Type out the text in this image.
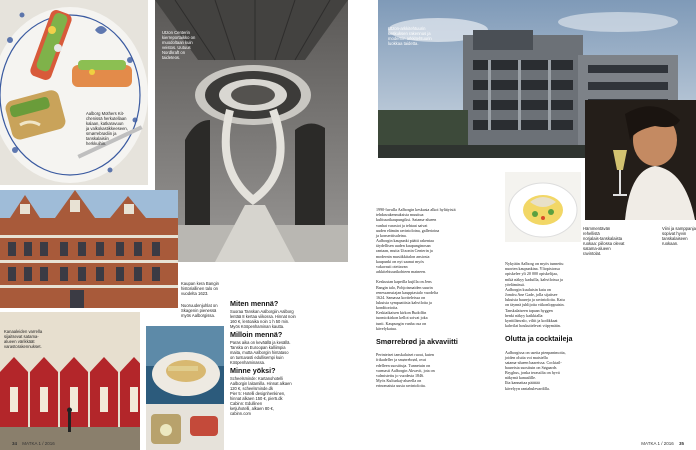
Aalborg Mothers Kit-
chenissä herkutellaan
kalaan, katkaravuun
ja valkokastikkeeseen,
smørrebrødiin ja
tanskalaisiin
herkkuihin.
Utzon Centerin
kierreportaikko on
muodoltaan kuin
veistos. Uutuus
Nordkraft on
taideteos.
Kaupan kera Bangin
historiallinen talo on
vuodelta 1623.
Nuoruudenjuhlat on
Skagenin pienessä
myös Aalborgissa.
Kanaaleiden varrella
sijaitsevat satama-
alueen värikkäät
varastorakennukset.
Miten mennä?

Suoraa Tanskan Aalborgiin Aalborg
lentää 8 kertaa viikossa. Hinnat noin
160 €, lentoaika noin 1 h 50 min.
Myös Kööpenhaminan kautta.

Milloin mennä?

Paras aika on keväällä ja kesällä.
Tanska on Euroopan kalliimpia
maita, mutta Aalborgin hintataso
on tuntuvasti edullisempi kuin
Kööpenhaminassa.

Minne yöksi?

Scheelsminde: Kartanohotelli
Aalborgin laitamilla. Hinnat alkaen
120 €, scheelsminde.dk
Pier 5: Hotelli designhenkinen,
hinnat alkaen 150 €, pier5.dk
Cabinn: Edullinen
ketjuhotelli, alkaen 80 €,
cabinn.com

34 MATKA 1 / 2016
Utzon-arkkitehtuurin
keskuksen rakennus ja
modernin arkkitehtuurin
luokkaa taidetta.
Hämmentävän rehellistä
norjalais-tanskalaista
ruokaa: piilossa olevat
satama-alueen
ravintolat.
Viini ja samppanja
sopivat hyvin
tanskalaiseen
ruokaan.

1990-luvulla Aalborgin keskusta alkoi hylätyistä
tehdasrakennuksista muuttua
kulttuurikaupungiksi. Satama-alueen
vanhat varastot ja tehtaat saivat
uuden elämän ravintoloina, gallerioina
ja konserttisaleina.
Aalborgin kaupunki päätti rakentaa
täydellisen uuden kaupunginosan
rantaan, mutta Utzonin Centerin ja
modernin musiikkitalon ansiosta
kaupunki on nyt saanut myös
vakavasti otettavan
arkkitehtuurikohteen maineen.

Keskustan kapeilla kujilla on Jens
Bangin talo, Pohjoismaiden suurin
renessanssiajan kauppiastalo vuodelta
1624. Samassa kortteleissa on
lukuisia sympaattisia kahviloita ja
konditorioita.
Keskiaikaisen kirkon Budolfin
tuomiokirkon kellot soivat joka
tunti. Kaupungin vanha osa on
kävelykatua.

Smørrebrød ja akvaviitti

Perinteiset tanskalaiset ruoat, kuten
frikadeller ja smørrebrød, ovat
edelleen suosittuja. Tunnetuin on
varmasti Aalborgin Akvavit, jota on
valmistettu jo vuodesta 1846.
Myös Kulturkaj-alueella on
erinomaisia uusia ravintoloita.

Nykyään Aalborg on myös tunnettu
nuorten kaupunkina. Yliopistossa
opiskelee yli 20 000 opiskelijaa,
mikä näkyy kaduilla, kahviloissa ja
yöelämässä.
Aalborgin kuuluisin katu on
Jomfru Ane Gade, jolla sijaitsee
lukuisia baareja ja ravintoloita. Katu
on täynnä juhlijoita viikonloppuisin.
Tanskalaiseen tapaan hyggen
henki näkyy kaikkialla:
kynttilänvalo, viltit ja kodikkaat
kahvilat houkuttelevat viipymään.

Olutta ja cocktaileja

Aalborgissa on useita pienpanimoita,
joiden oluita voi maistella
satama-alueen baareissa. Cocktail-
baareista suosituin on Søgaards
Bryghus, jonka terassilta on hyvä
näkymä kanaalille.
Ilta kannattaa päättää
kävelyyn rantabulevardilla.

MATKA 1 / 2016 35
